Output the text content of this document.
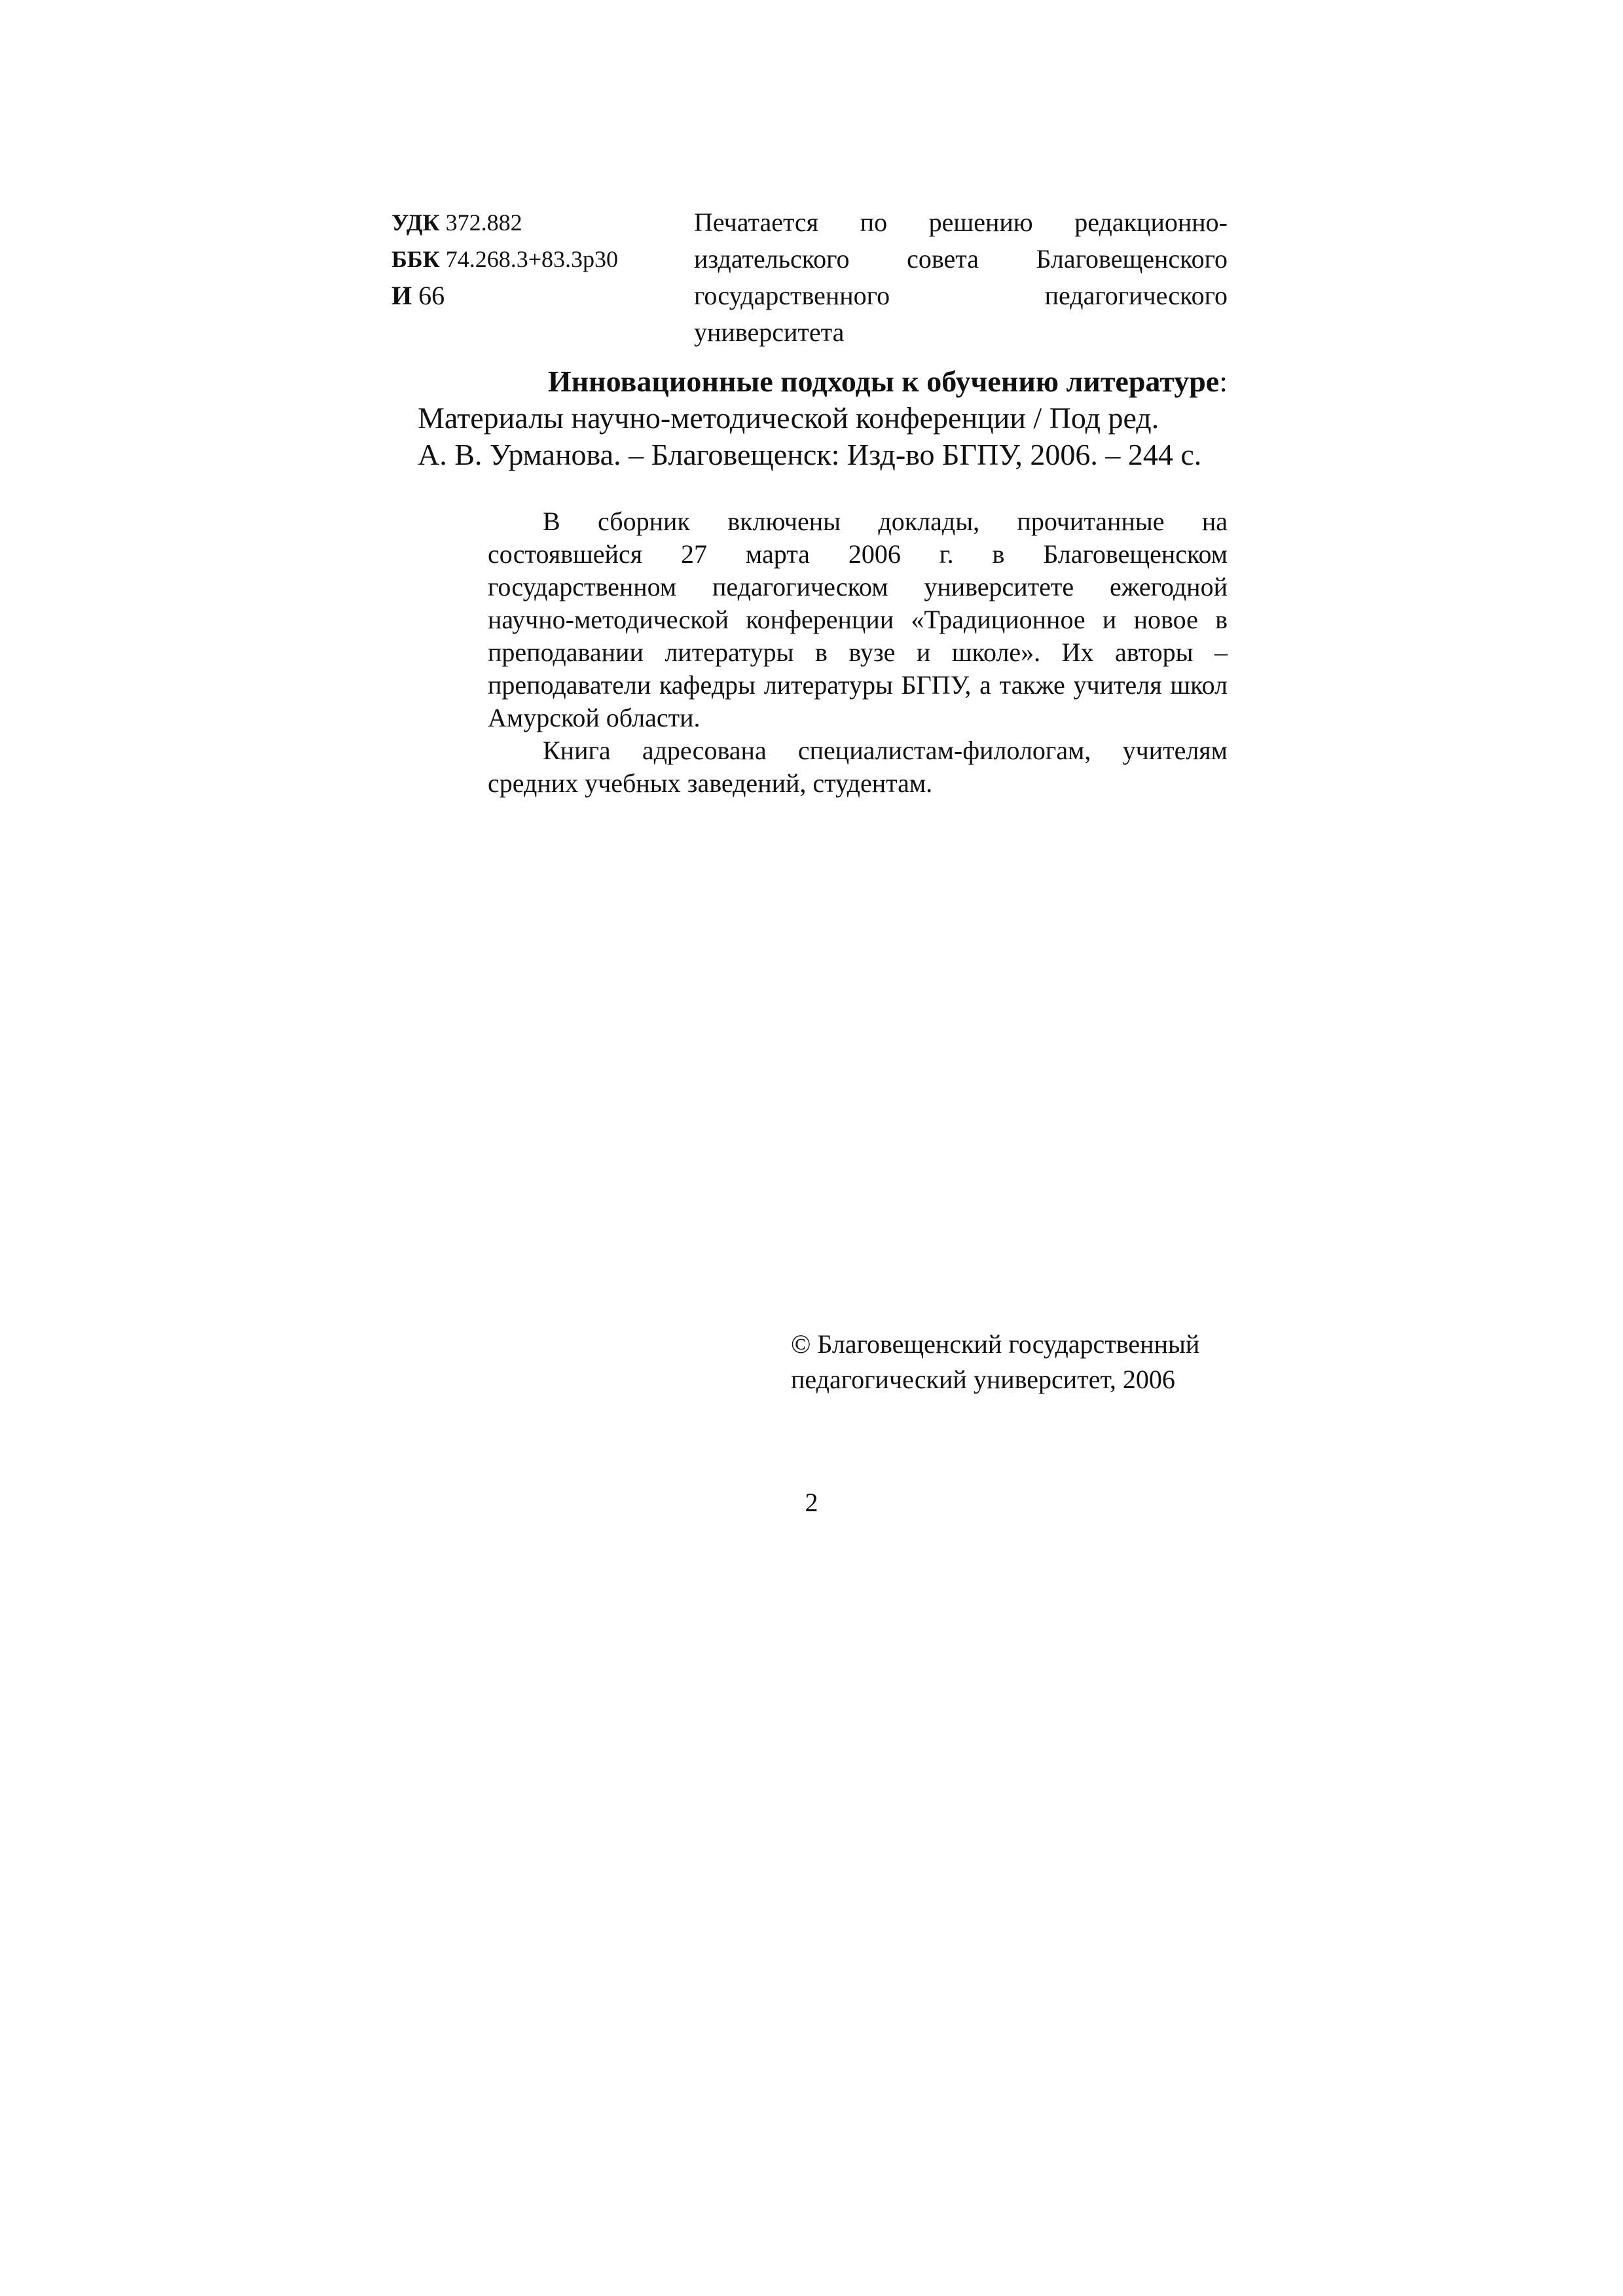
УДК 372.882
ББК 74.268.3+83.3р30
И 66
Печатается по решению редакционно-издательского совета Благовещенского государственного педагогического университета
Инновационные подходы к обучению литературе:
Материалы научно-методической конференции / Под ред.
А. В. Урманова. – Благовещенск: Изд-во БГПУ, 2006. – 244 с.

В сборник включены доклады, прочитанные на состоявшейся 27 марта 2006 г. в Благовещенском государственном педагогическом университете ежегодной научно-методической конференции «Традиционное и новое в преподавании литературы в вузе и школе». Их авторы – преподаватели кафедры литературы БГПУ, а также учителя школ Амурской области.

Книга адресована специалистам-филологам, учителям средних учебных заведений, студентам.

© Благовещенский государственный
педагогический университет, 2006
2
